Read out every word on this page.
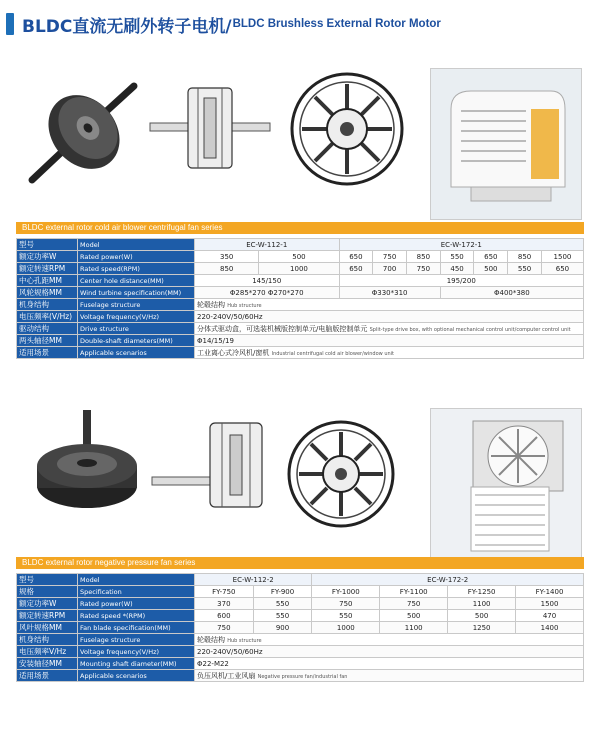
BLDC直流无刷外转子电机/ BLDC Brushless External Rotor Motor
BLDC external rotor cold air blower centrifugal fan series
型号	Model	EC-W-112-1		EC-W-172-1						
额定功率W	Rated power(W)	350	500	650	750	850	550	650	850	1500
额定转速RPM	Rated speed(RPM)	850	1000	650	700	750	450	500	550	650
中心孔距MM	Center hole distance(MM)	145/150		195/200						
风轮规格MM	Wind turbine specification(MM)	Φ285*270 Φ270*270		Φ330*310			Φ400*380			
机身结构	Fuselage structure	轮毂结构 Hub structure								
电压频率(V/Hz)	Voltage frequency(V/Hz)	220-240V/50/60Hz								
驱动结构	Drive structure	分体式驱动盒，可选装机械版控制单元/电脑版控制单元 Split-type drive box, with optional mechanical control unit/computer control unit								
两头轴径MM	Double-shaft diameters(MM)	Φ14/15/19								
适用场景	Applicable scenarios	工业离心式冷风机/窗机 Industrial centrifugal cold air blower/window unit								
BLDC external rotor negative pressure fan series
型号	Model	EC-W-112-2		EC-W-172-2			
规格	Specification	FY-750	FY-900	FY-1000	FY-1100	FY-1250	FY-1400
额定功率W	Rated power(W)	370	550	750	750	1100	1500
额定转速RPM	Rated speed *(RPM)	600	550	550	500	500	470
风叶规格MM	Fan blade specification(MM)	750	900	1000	1100	1250	1400
机身结构	Fuselage structure	轮毂结构 Hub structure					
电压频率V/Hz	Voltage frequency(V/Hz)	220-240V/50/60Hz					
安装轴径MM	Mounting shaft diameter(MM)	Φ22-M22					
适用场景	Applicable scenarios	负压风机/工业风扇 Negative pressure fan/industrial fan					
